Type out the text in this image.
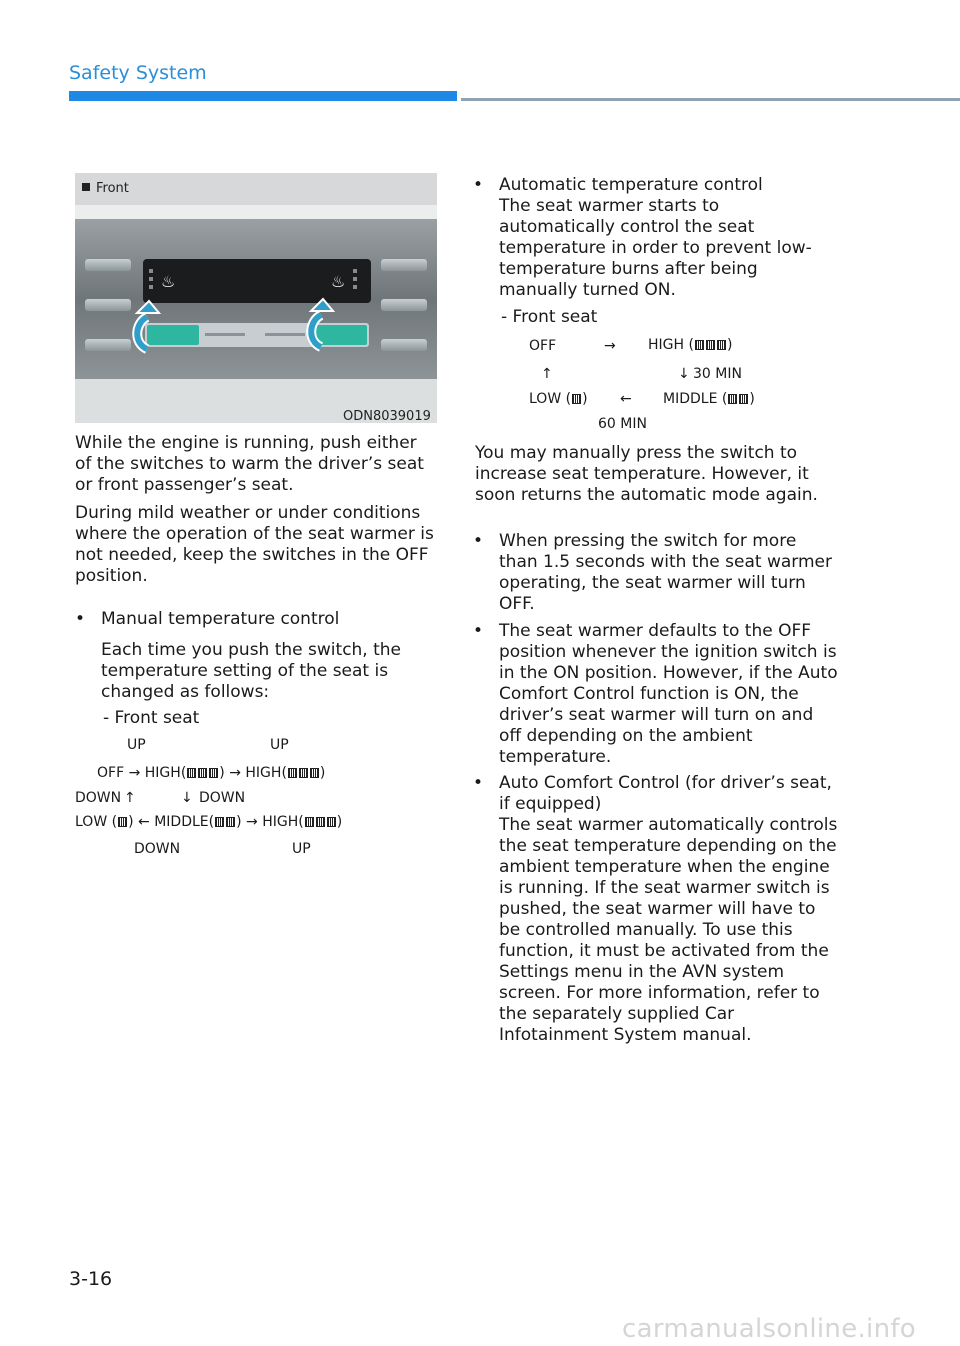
Safety System
♨	♨
Front
ODN8039019
While the engine is running, push either of the switches to warm the driver’s seat or front passenger’s seat.
During mild weather or under conditions where the operation of the seat warmer is not needed, keep the switches in the OFF position.
• Manual temperature control
Each time you push the switch, the temperature setting of the seat is changed as follows:
- Front seat
UP	UP
OFF → HIGH( ) → HIGH( )
DOWN ↑	↓ DOWN
LOW ( ) ← MIDDLE( ) → HIGH( )
DOWN	UP
• Automatic temperature control
The seat warmer starts to automatically control the seat temperature in order to prevent low-temperature burns after being manually turned ON.
- Front seat
OFF	→ HIGH ( )
↑	↓ 30 MIN
LOW ( ) ← MIDDLE ( )
60 MIN
You may manually press the switch to increase seat temperature. However, it soon returns the automatic mode again.
• When pressing the switch for more than 1.5 seconds with the seat warmer operating, the seat warmer will turn OFF.
• The seat warmer defaults to the OFF position whenever the ignition switch is in the ON position. However, if the Auto Comfort Control function is ON, the driver’s seat warmer will turn on and off depending on the ambient temperature.
• Auto Comfort Control (for driver’s seat, if equipped)
The seat warmer automatically controls the seat temperature depending on the ambient temperature when the engine is running. If the seat warmer switch is pushed, the seat warmer will have to be controlled manually. To use this function, it must be activated from the Settings menu in the AVN system screen. For more information, refer to the separately supplied Car Infotainment System manual.
3-16
carmanualsonline.info
